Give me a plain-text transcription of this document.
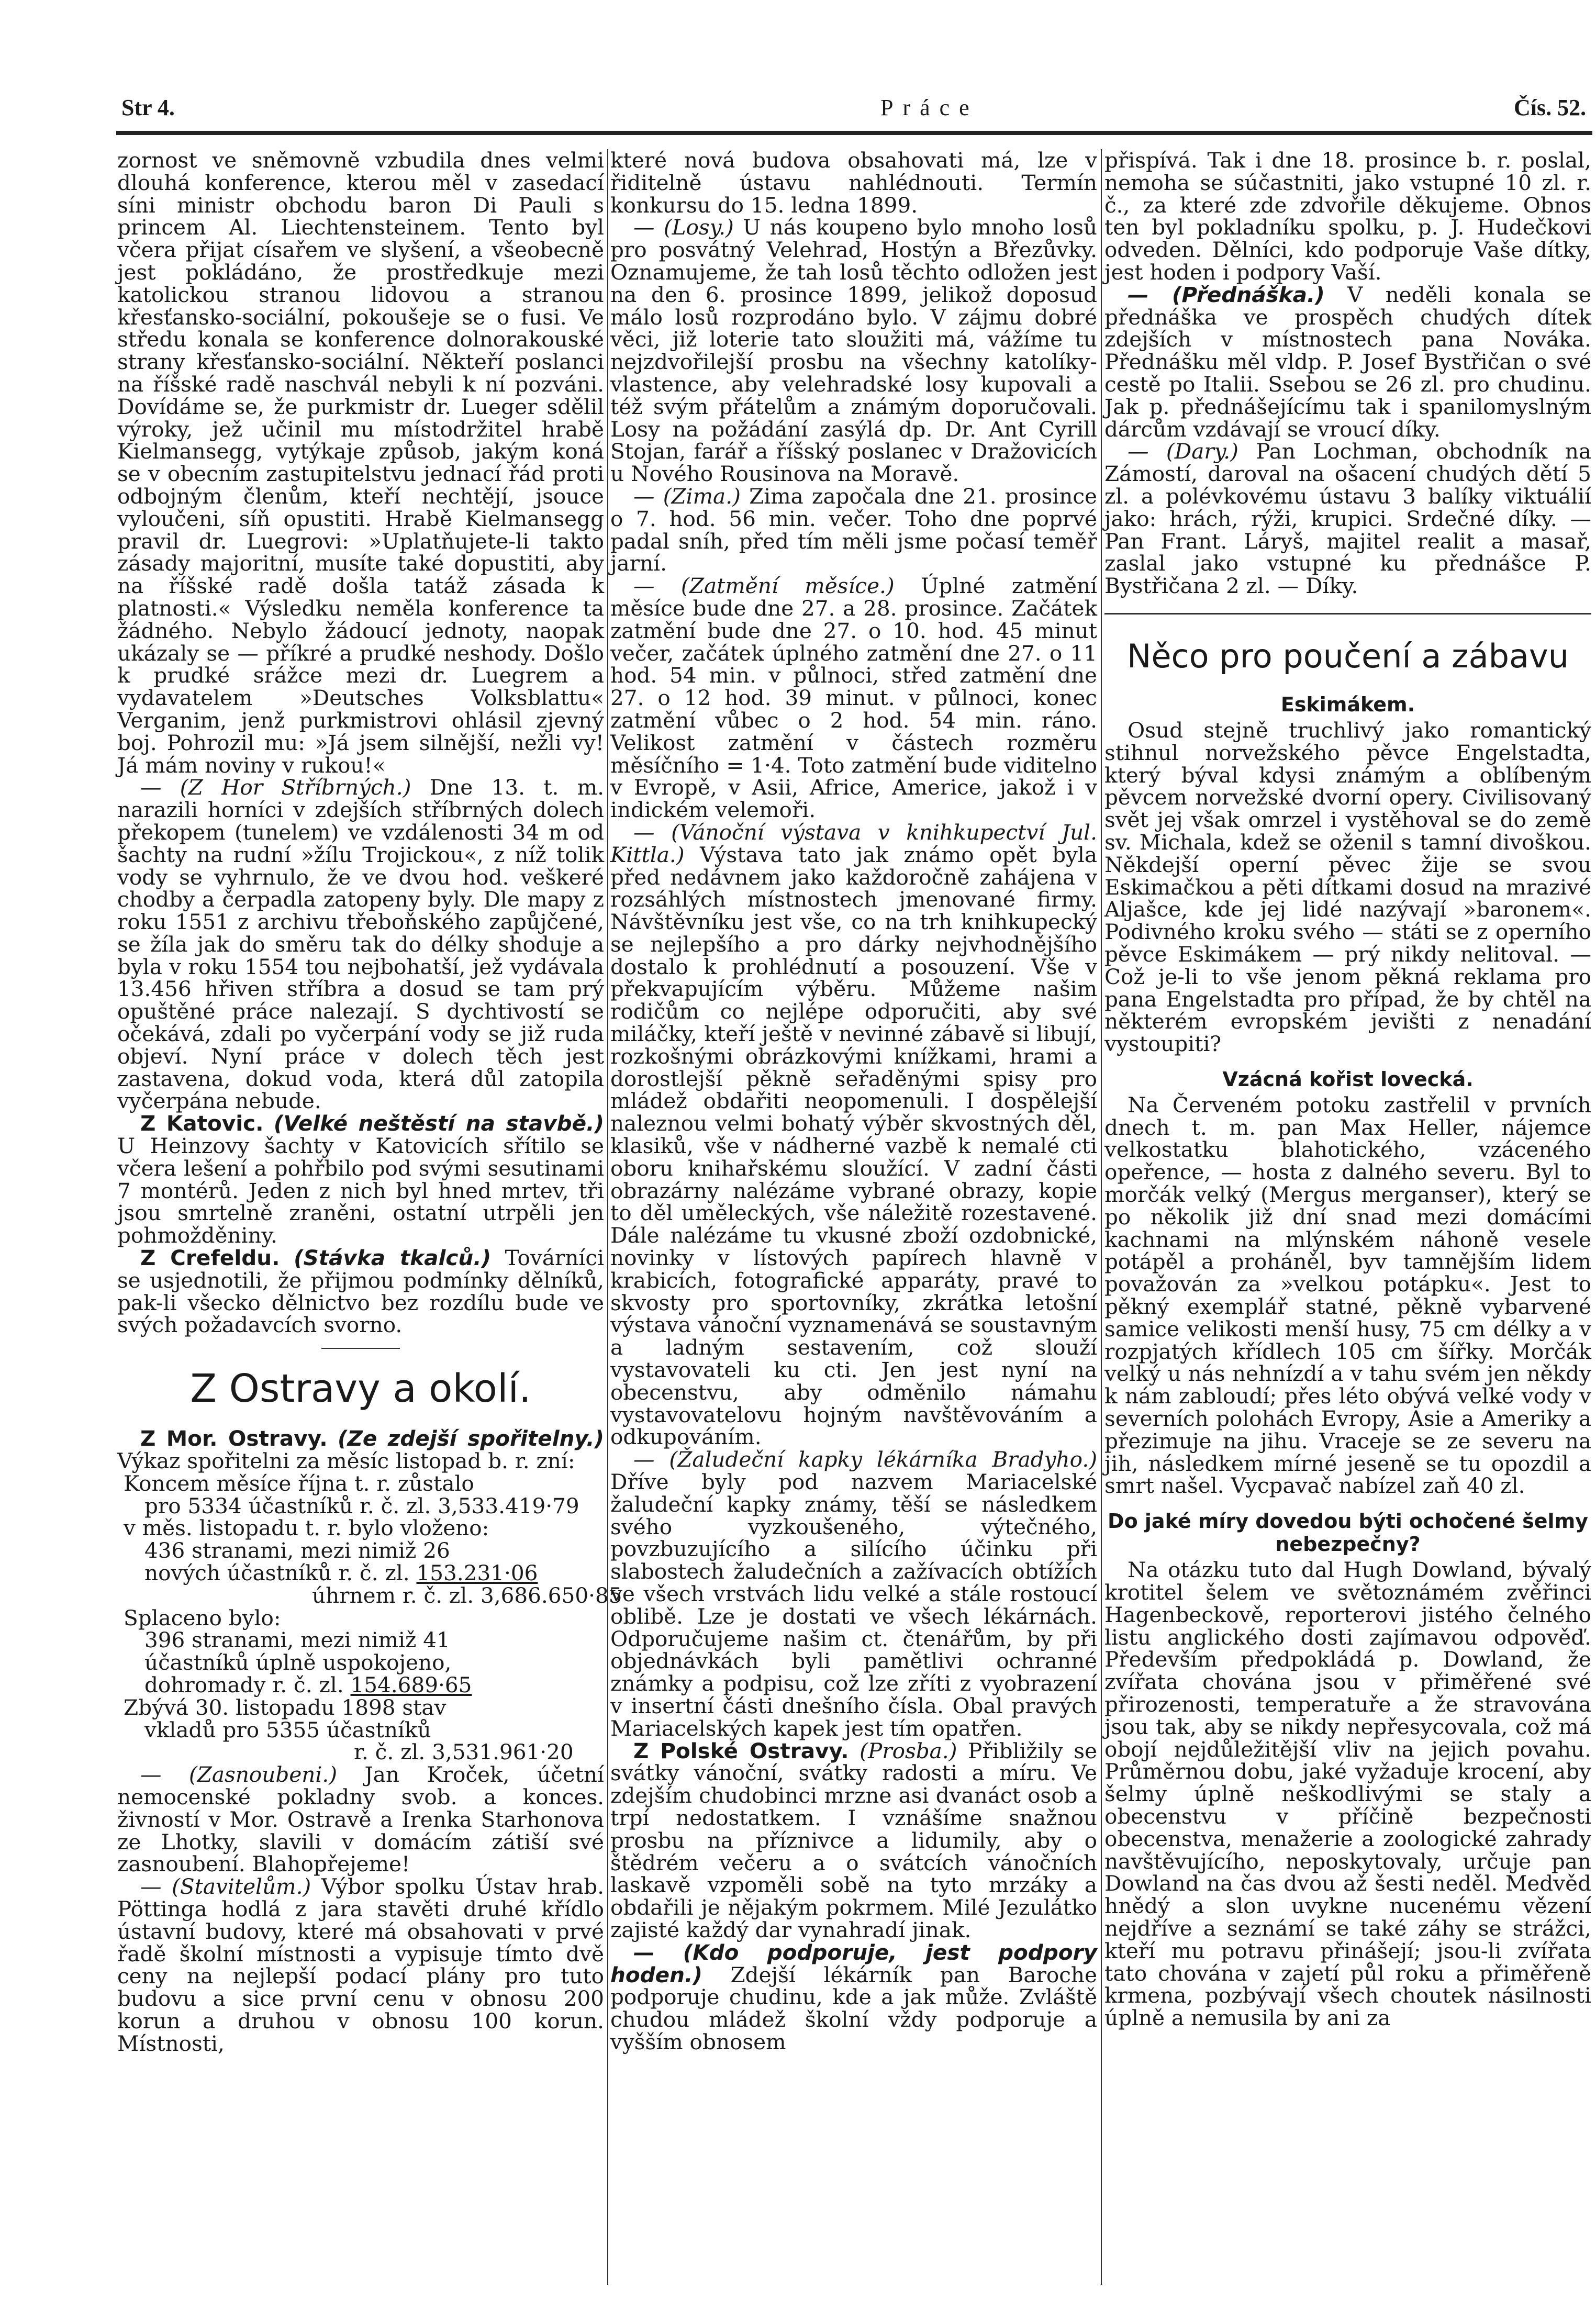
Str 4.	Práce	Čís. 52.

zornost ve sněmovně vzbudila dnes velmi dlouhá konference, kterou měl v zasedací síni ministr obchodu baron Di Pauli s princem Al. Liechtensteinem. Tento byl včera přijat císařem ve slyšení, a všeobecně jest pokládáno, že prostředkuje mezi katolickou stranou lidovou a stranou křesťansko-sociální, pokoušeje se o fusi. Ve středu konala se konference dolnorakouské strany křesťansko-sociální. Někteří poslanci na říšské radě naschvál nebyli k ní pozváni. Dovídáme se, že purkmistr dr. Lueger sdělil výroky, jež učinil mu místodržitel hrabě Kielmansegg, vytýkaje způsob, jakým koná se v obecním zastupitelstvu jednací řád proti odbojným členům, kteří nechtějí, jsouce vyloučeni, síň opustiti. Hrabě Kielmansegg pravil dr. Luegrovi: »Uplatňujete-li takto zásady majoritní, musíte také dopustiti, aby na říšské radě došla tatáž zásada k platnosti.« Výsledku neměla konference ta žádného. Nebylo žádoucí jednoty, naopak ukázaly se — příkré a prudké neshody. Došlo k prudké srážce mezi dr. Luegrem a vydavatelem »Deutsches Volksblattu« Verganim, jenž purkmistrovi ohlásil zjevný boj. Pohrozil mu: »Já jsem silnější, nežli vy! Já mám noviny v rukou!«

— (Z Hor Stříbrných.) Dne 13. t. m. narazili horníci v zdejších stříbrných dolech překopem (tunelem) ve vzdálenosti 34 m od šachty na rudní »žílu Trojickou«, z níž tolik vody se vyhrnulo, že ve dvou hod. veškeré chodby a čerpadla zatopeny byly. Dle mapy z roku 1551 z archivu třeboňského zapůjčené, se žíla jak do směru tak do délky shoduje a byla v roku 1554 tou nejbohatší, jež vydávala 13.456 hřiven stříbra a dosud se tam prý opuštěné práce nalezají. S dychtivostí se očekává, zdali po vyčerpání vody se již ruda objeví. Nyní práce v dolech těch jest zastavena, dokud voda, která důl zatopila vyčerpána nebude.

Z Katovic. (Velké neštěstí na stavbě.) U Heinzovy šachty v Katovicích sřítilo se včera lešení a pohřbilo pod svými sesutinami 7 montérů. Jeden z nich byl hned mrtev, tři jsou smrtelně zraněni, ostatní utrpěli jen pohmožděniny.

Z Crefeldu. (Stávka tkalců.) Továrníci se usjednotili, že přijmou podmínky dělníků, pak-li všecko dělnictvo bez rozdílu bude ve svých požadavcích svorno.

Z Ostravy a okolí.

Z Mor. Ostravy. (Ze zdejší spořitelny.) Výkaz spořitelni za měsíc listopad b. r. zní:

Koncem měsíce října t. r. zůstalo
pro 5334 účastníků r. č. zl. 3,533.419·79
v měs. listopadu t. r. bylo vloženo:
436 stranami, mezi nimiž 26
nových účastníků r. č. zl. 153.231·06
úhrnem r. č. zl. 3,686.650·85
Splaceno bylo:
396 stranami, mezi nimiž 41
účastníků úplně uspokojeno,
dohromady r. č. zl. 154.689·65
Zbývá 30. listopadu 1898 stav
vkladů pro 5355 účastníků
r. č. zl. 3,531.961·20

— (Zasnoubeni.) Jan Kroček, účetní nemocenské pokladny svob. a konces. živností v Mor. Ostravě a Irenka Starhonova ze Lhotky, slavili v domácím zátiší své zasnoubení. Blahopřejeme!

— (Stavitelům.) Výbor spolku Ústav hrab. Pöttinga hodlá z jara stavěti druhé křídlo ústavní budovy, které má obsahovati v prvé řadě školní místnosti a vypisuje tímto dvě ceny na nejlepší podací plány pro tuto budovu a sice první cenu v obnosu 200 korun a druhou v obnosu 100 korun. Místnosti,

které nová budova obsahovati má, lze v řiditelně ústavu nahlédnouti. Termín konkursu do 15. ledna 1899.

— (Losy.) U nás koupeno bylo mnoho losů pro posvátný Velehrad, Hostýn a Březůvky. Oznamujeme, že tah losů těchto odložen jest na den 6. prosince 1899, jelikož doposud málo losů rozprodáno bylo. V zájmu dobré věci, již loterie tato sloužiti má, vážíme tu nejzdvořilejší prosbu na všechny katolíky-vlastence, aby velehradské losy kupovali a též svým přátelům a známým doporučovali. Losy na požádání zasýlá dp. Dr. Ant Cyrill Stojan, farář a říšský poslanec v Dražovicích u Nového Rousinova na Moravě.

— (Zima.) Zima započala dne 21. prosince o 7. hod. 56 min. večer. Toho dne poprvé padal sníh, před tím měli jsme počasí teměř jarní.

— (Zatmění měsíce.) Úplné zatmění měsíce bude dne 27. a 28. prosince. Začátek zatmění bude dne 27. o 10. hod. 45 minut večer, začátek úplného zatmění dne 27. o 11 hod. 54 min. v půlnoci, střed zatmění dne 27. o 12 hod. 39 minut. v půlnoci, konec zatmění vůbec o 2 hod. 54 min. ráno. Velikost zatmění v částech rozměru měsíčního = 1·4. Toto zatmění bude viditelno v Evropě, v Asii, Africe, Americe, jakož i v indickém velemoři.

— (Vánoční výstava v knihkupectví Jul. Kittla.) Výstava tato jak známo opět byla před nedávnem jako každoročně zahájena v rozsáhlých místnostech jmenované firmy. Návštěvníku jest vše, co na trh knihkupecký se nejlepšího a pro dárky nejvhodnějšího dostalo k prohlédnutí a posouzení. Vše v překvapujícím výběru. Můžeme našim rodičům co nejlépe odporučiti, aby své miláčky, kteří ještě v nevinné zábavě si libují, rozkošnými obrázkovými knížkami, hrami a dorostlejší pěkně seřaděnými spisy pro mládež obdařiti neopomenuli. I dospělejší naleznou velmi bohatý výběr skvostných děl, klasiků, vše v nádherné vazbě k nemalé cti oboru knihařskému sloužící. V zadní části obrazárny nalézáme vybrané obrazy, kopie to děl uměleckých, vše náležitě rozestavené. Dále nalézáme tu vkusné zboží ozdobnické, novinky v lístových papírech hlavně v krabicích, fotografické apparáty, pravé to skvosty pro sportovníky, zkrátka letošní výstava vánoční vyznamenává se soustavným a ladným sestavením, což slouží vystavovateli ku cti. Jen jest nyní na obecenstvu, aby odměnilo námahu vystavovatelovu hojným navštěvováním a odkupováním.

— (Žaludeční kapky lékárníka Bradyho.) Dříve byly pod nazvem Mariacelské žaludeční kapky známy, těší se následkem svého vyzkoušeného, výtečného, povzbuzujícího a silícího účinku při slabostech žaludečních a zažívacích obtížích ve všech vrstvách lidu velké a stále rostoucí oblibě. Lze je dostati ve všech lékárnách. Odporučujeme našim ct. čtenářům, by při objednávkách byli pamětlivi ochranné známky a podpisu, což lze zříti z vyobrazení v insertní části dnešního čísla. Obal pravých Mariacelských kapek jest tím opatřen.

Z Polské Ostravy. (Prosba.) Přibližily se svátky vánoční, svátky radosti a míru. Ve zdejším chudobinci mrzne asi dvanáct osob a trpí nedostatkem. I vznášíme snažnou prosbu na příznivce a lidumily, aby o štědrém večeru a o svátcích vánočních laskavě vzpoměli sobě na tyto mrzáky a obdařili je nějakým pokrmem. Milé Jezulátko zajisté každý dar vynahradí jinak.

— (Kdo podporuje, jest podpory hoden.) Zdejší lékárník pan Baroche podporuje chudinu, kde a jak může. Zvláště chudou mládež školní vždy podporuje a vyšším obnosem

přispívá. Tak i dne 18. prosince b. r. poslal, nemoha se súčastniti, jako vstupné 10 zl. r. č., za které zde zdvořile děkujeme. Obnos ten byl pokladníku spolku, p. J. Hudečkovi odveden. Dělníci, kdo podporuje Vaše dítky, jest hoden i podpory Vaší.

— (Přednáška.) V neděli konala se přednáška ve prospěch chudých dítek zdejších v místnostech pana Nováka. Přednášku měl vldp. P. Josef Bystřičan o své cestě po Italii. Ssebou se 26 zl. pro chudinu. Jak p. přednášejícímu tak i spanilomyslným dárcům vzdávají se vroucí díky.

— (Dary.) Pan Lochman, obchodník na Zámostí, daroval na ošacení chudých dětí 5 zl. a polévkovému ústavu 3 balíky viktuálií jako: hrách, rýži, krupici. Srdečné díky. — Pan Frant. Láryš, majitel realit a masař, zaslal jako vstupné ku přednášce P. Bystřičana 2 zl. — Díky.

Něco pro poučení a zábavu
Eskimákem.

Osud stejně truchlivý jako romantický stihnul norvežského pěvce Engelstadta, který býval kdysi známým a oblíbeným pěvcem norvežské dvorní opery. Civilisovaný svět jej však omrzel i vystěhoval se do země sv. Michala, kdež se oženil s tamní divoškou. Někdejší operní pěvec žije se svou Eskimačkou a pěti dítkami dosud na mrazivé Aljašce, kde jej lidé nazývají »baronem«. Podivného kroku svého — státi se z operního pěvce Eskimákem — prý nikdy nelitoval. — Což je-li to vše jenom pěkná reklama pro pana Engelstadta pro případ, že by chtěl na některém evropském jevišti z nenadání vystoupiti?

Vzácná kořist lovecká.

Na Červeném potoku zastřelil v prvních dnech t. m. pan Max Heller, nájemce velkostatku blahotického, vzáceného opeřence, — hosta z dalného severu. Byl to morčák velký (Mergus merganser), který se po několik již dní snad mezi domácími kachnami na mlýnském náhoně vesele potápěl a proháněl, byv tamnějším lidem považován za »velkou potápku«. Jest to pěkný exemplář statné, pěkně vybarvené samice velikosti menší husy, 75 cm délky a v rozpjatých křídlech 105 cm šířky. Morčák velký u nás nehnízdí a v tahu svém jen někdy k nám zabloudí; přes léto obývá velké vody v severních polohách Evropy, Asie a Ameriky a přezimuje na jihu. Vraceje se ze severu na jih, následkem mírné jeseně se tu opozdil a smrt našel. Vycpavač nabízel zaň 40 zl.

Do jaké míry dovedou býti ochočené šelmy nebezpečny?

Na otázku tuto dal Hugh Dowland, bývalý krotitel šelem ve světoznámém zvěřinci Hagenbeckově, reporterovi jistého čelného listu anglického dosti zajímavou odpověď. Především předpokládá p. Dowland, že zvířata chována jsou v přiměřené své přirozenosti, temperatuře a že stravována jsou tak, aby se nikdy nepřesycovala, což má obojí nejdůležitější vliv na jejich povahu. Průměrnou dobu, jaké vyžaduje krocení, aby šelmy úplně neškodlivými se staly a obecenstvu v příčině bezpečnosti obecenstva, menažerie a zoologické zahrady navštěvujícího, neposkytovaly, určuje pan Dowland na čas dvou až šesti neděl. Medvěd hnědý a slon uvykne nucenému vězení nejdříve a seznámí se také záhy se strážci, kteří mu potravu přinášejí; jsou-li zvířata tato chována v zajetí půl roku a přiměřeně krmena, pozbývají všech choutek násilnosti úplně a nemusila by ani za
